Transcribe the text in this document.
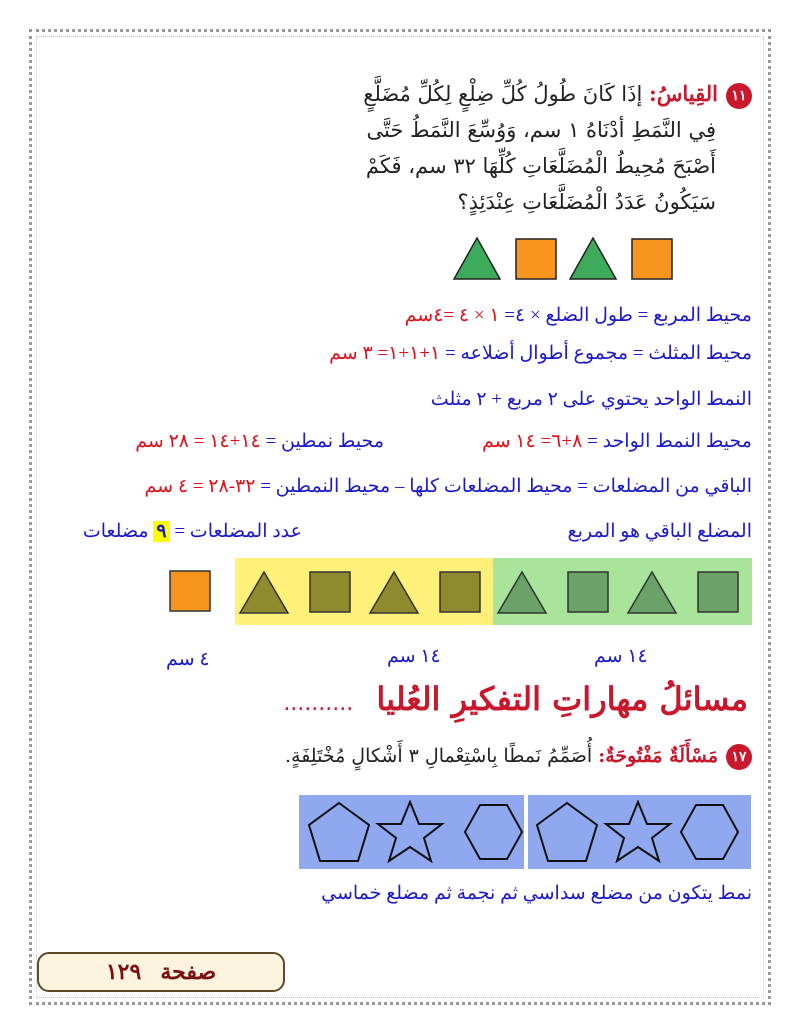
١١القِياسُ: إذَا كَانَ طُولُ كُلِّ ضِلْعٍ لِكُلِّ مُضَلَّعٍ
فِي النَّمَطِ أدْنَاهُ ١ سم، وَوُسِّعَ النَّمَطُ حَتَّى
أَصْبَحَ مُحِيطُ الْمُضَلَّعَاتِ كُلِّهَا ٣٢ سم، فَكَمْ
سَيَكُونُ عَدَدُ الْمُضَلَّعَاتِ عِنْدَئِذٍ؟
محيط المربع = طول الضلع × ٤= ١ × ٤ =٤سم
محيط المثلث = مجموع أطوال أضلاعه = ١+١+١= ٣ سم
النمط الواحد يحتوي على ٢ مربع + ٢ مثلث
محيط النمط الواحد = ٨+٦= ١٤ سم
محيط نمطين = ١٤+١٤ = ٢٨ سم
الباقي من المضلعات = محيط المضلعات كلها – محيط النمطين = ٣٢-٢٨ = ٤ سم
المضلع الباقي هو المربع
عدد المضلعات = ٩ مضلعات
١٤ سم
١٤ سم
٤ سم
مسائلُ مهاراتِ التفكيرِ العُليا ..........
١٧مَسْأَلَةٌ مَفْتُوحَةٌ: أُصَمِّمُ نَمطًا بِاسْتِعْمالِ ٣ أَشْكالٍ مُخْتَلِفَةٍ.
نمط يتكون من مضلع سداسي ثم نجمة ثم مضلع خماسي
صفحة ١٢٩
